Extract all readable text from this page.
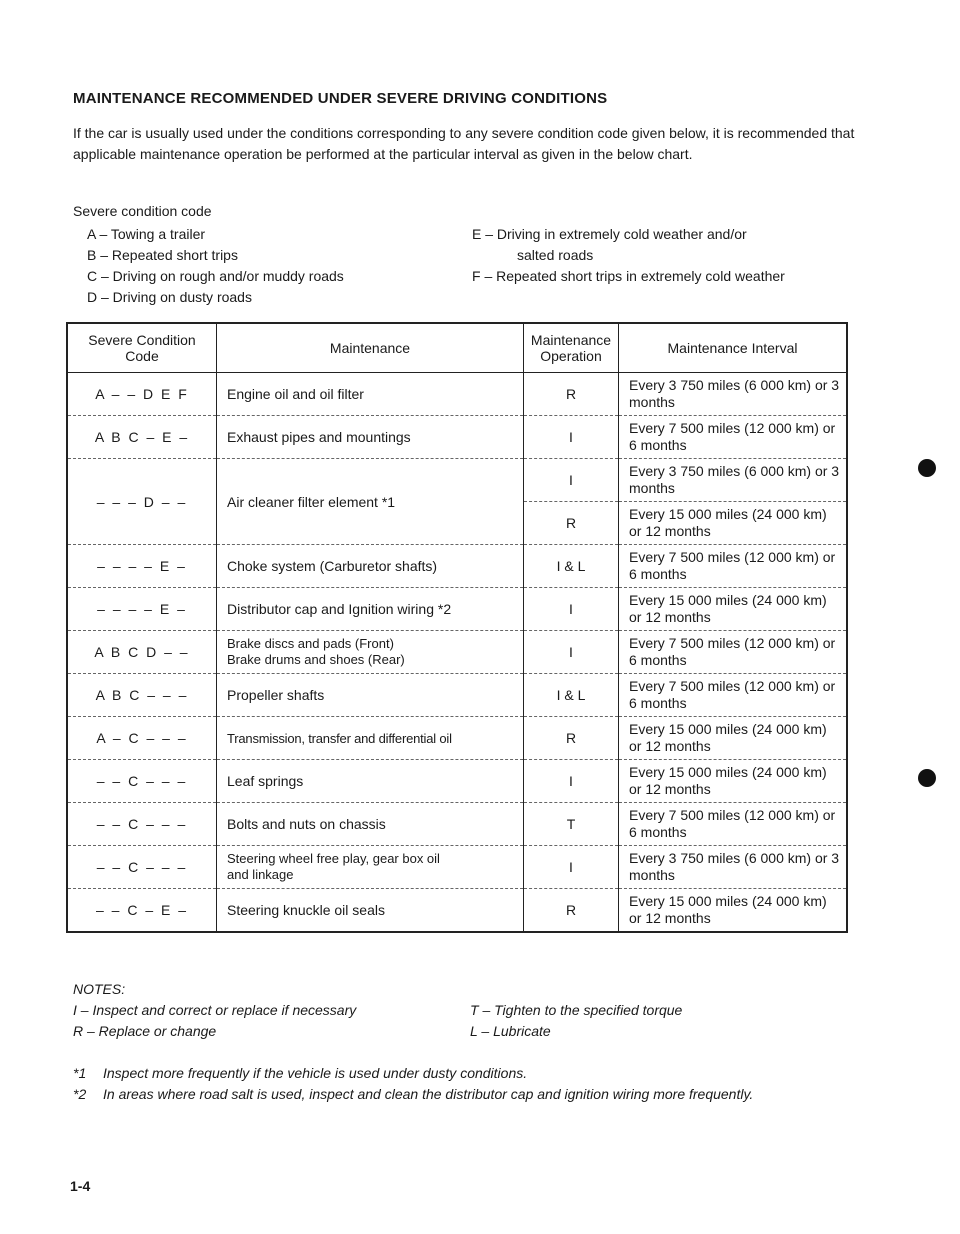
MAINTENANCE RECOMMENDED UNDER SEVERE DRIVING CONDITIONS
If the car is usually used under the conditions corresponding to any severe condition code given below, it is recommended that applicable maintenance operation be performed at the particular interval as given in the below chart.
Severe condition code
A – Towing a trailer
B – Repeated short trips
C – Driving on rough and/or muddy roads
D – Driving on dusty roads
E – Driving in extremely cold weather and/or
salted roads
F – Repeated short trips in extremely cold weather
Severe Condition Code	Maintenance	Maintenance Operation	Maintenance Interval
A – – D E F	Engine oil and oil filter	R	Every 3 750 miles (6 000 km) or 3 months
A B C – E –	Exhaust pipes and mountings	I	Every 7 500 miles (12 000 km) or 6 months
– – – D – –	Air cleaner filter element *1	I	Every 3 750 miles (6 000 km) or 3 months
		R	Every 15 000 miles (24 000 km) or 12 months
– – – – E –	Choke system (Carburetor shafts)	I & L	Every 7 500 miles (12 000 km) or 6 months
– – – – E –	Distributor cap and Ignition wiring *2	I	Every 15 000 miles (24 000 km) or 12 months
A B C D – –	Brake discs and pads (Front)
Brake drums and shoes (Rear)	I	Every 7 500 miles (12 000 km) or 6 months
A B C – – –	Propeller shafts	I & L	Every 7 500 miles (12 000 km) or 6 months
A – C – – –	Transmission, transfer and differential oil	R	Every 15 000 miles (24 000 km) or 12 months
– – C – – –	Leaf springs	I	Every 15 000 miles (24 000 km) or 12 months
– – C – – –	Bolts and nuts on chassis	T	Every 7 500 miles (12 000 km) or 6 months
– – C – – –	Steering wheel free play, gear box oil
and linkage	I	Every 3 750 miles (6 000 km) or 3 months
– – C – E –	Steering knuckle oil seals	R	Every 15 000 miles (24 000 km) or 12 months
NOTES:
I – Inspect and correct or replace if necessary
R – Replace or change
T – Tighten to the specified torque
L – Lubricate
*1	Inspect more frequently if the vehicle is used under dusty conditions.
*2	In areas where road salt is used, inspect and clean the distributor cap and ignition wiring more frequently.
1-4
